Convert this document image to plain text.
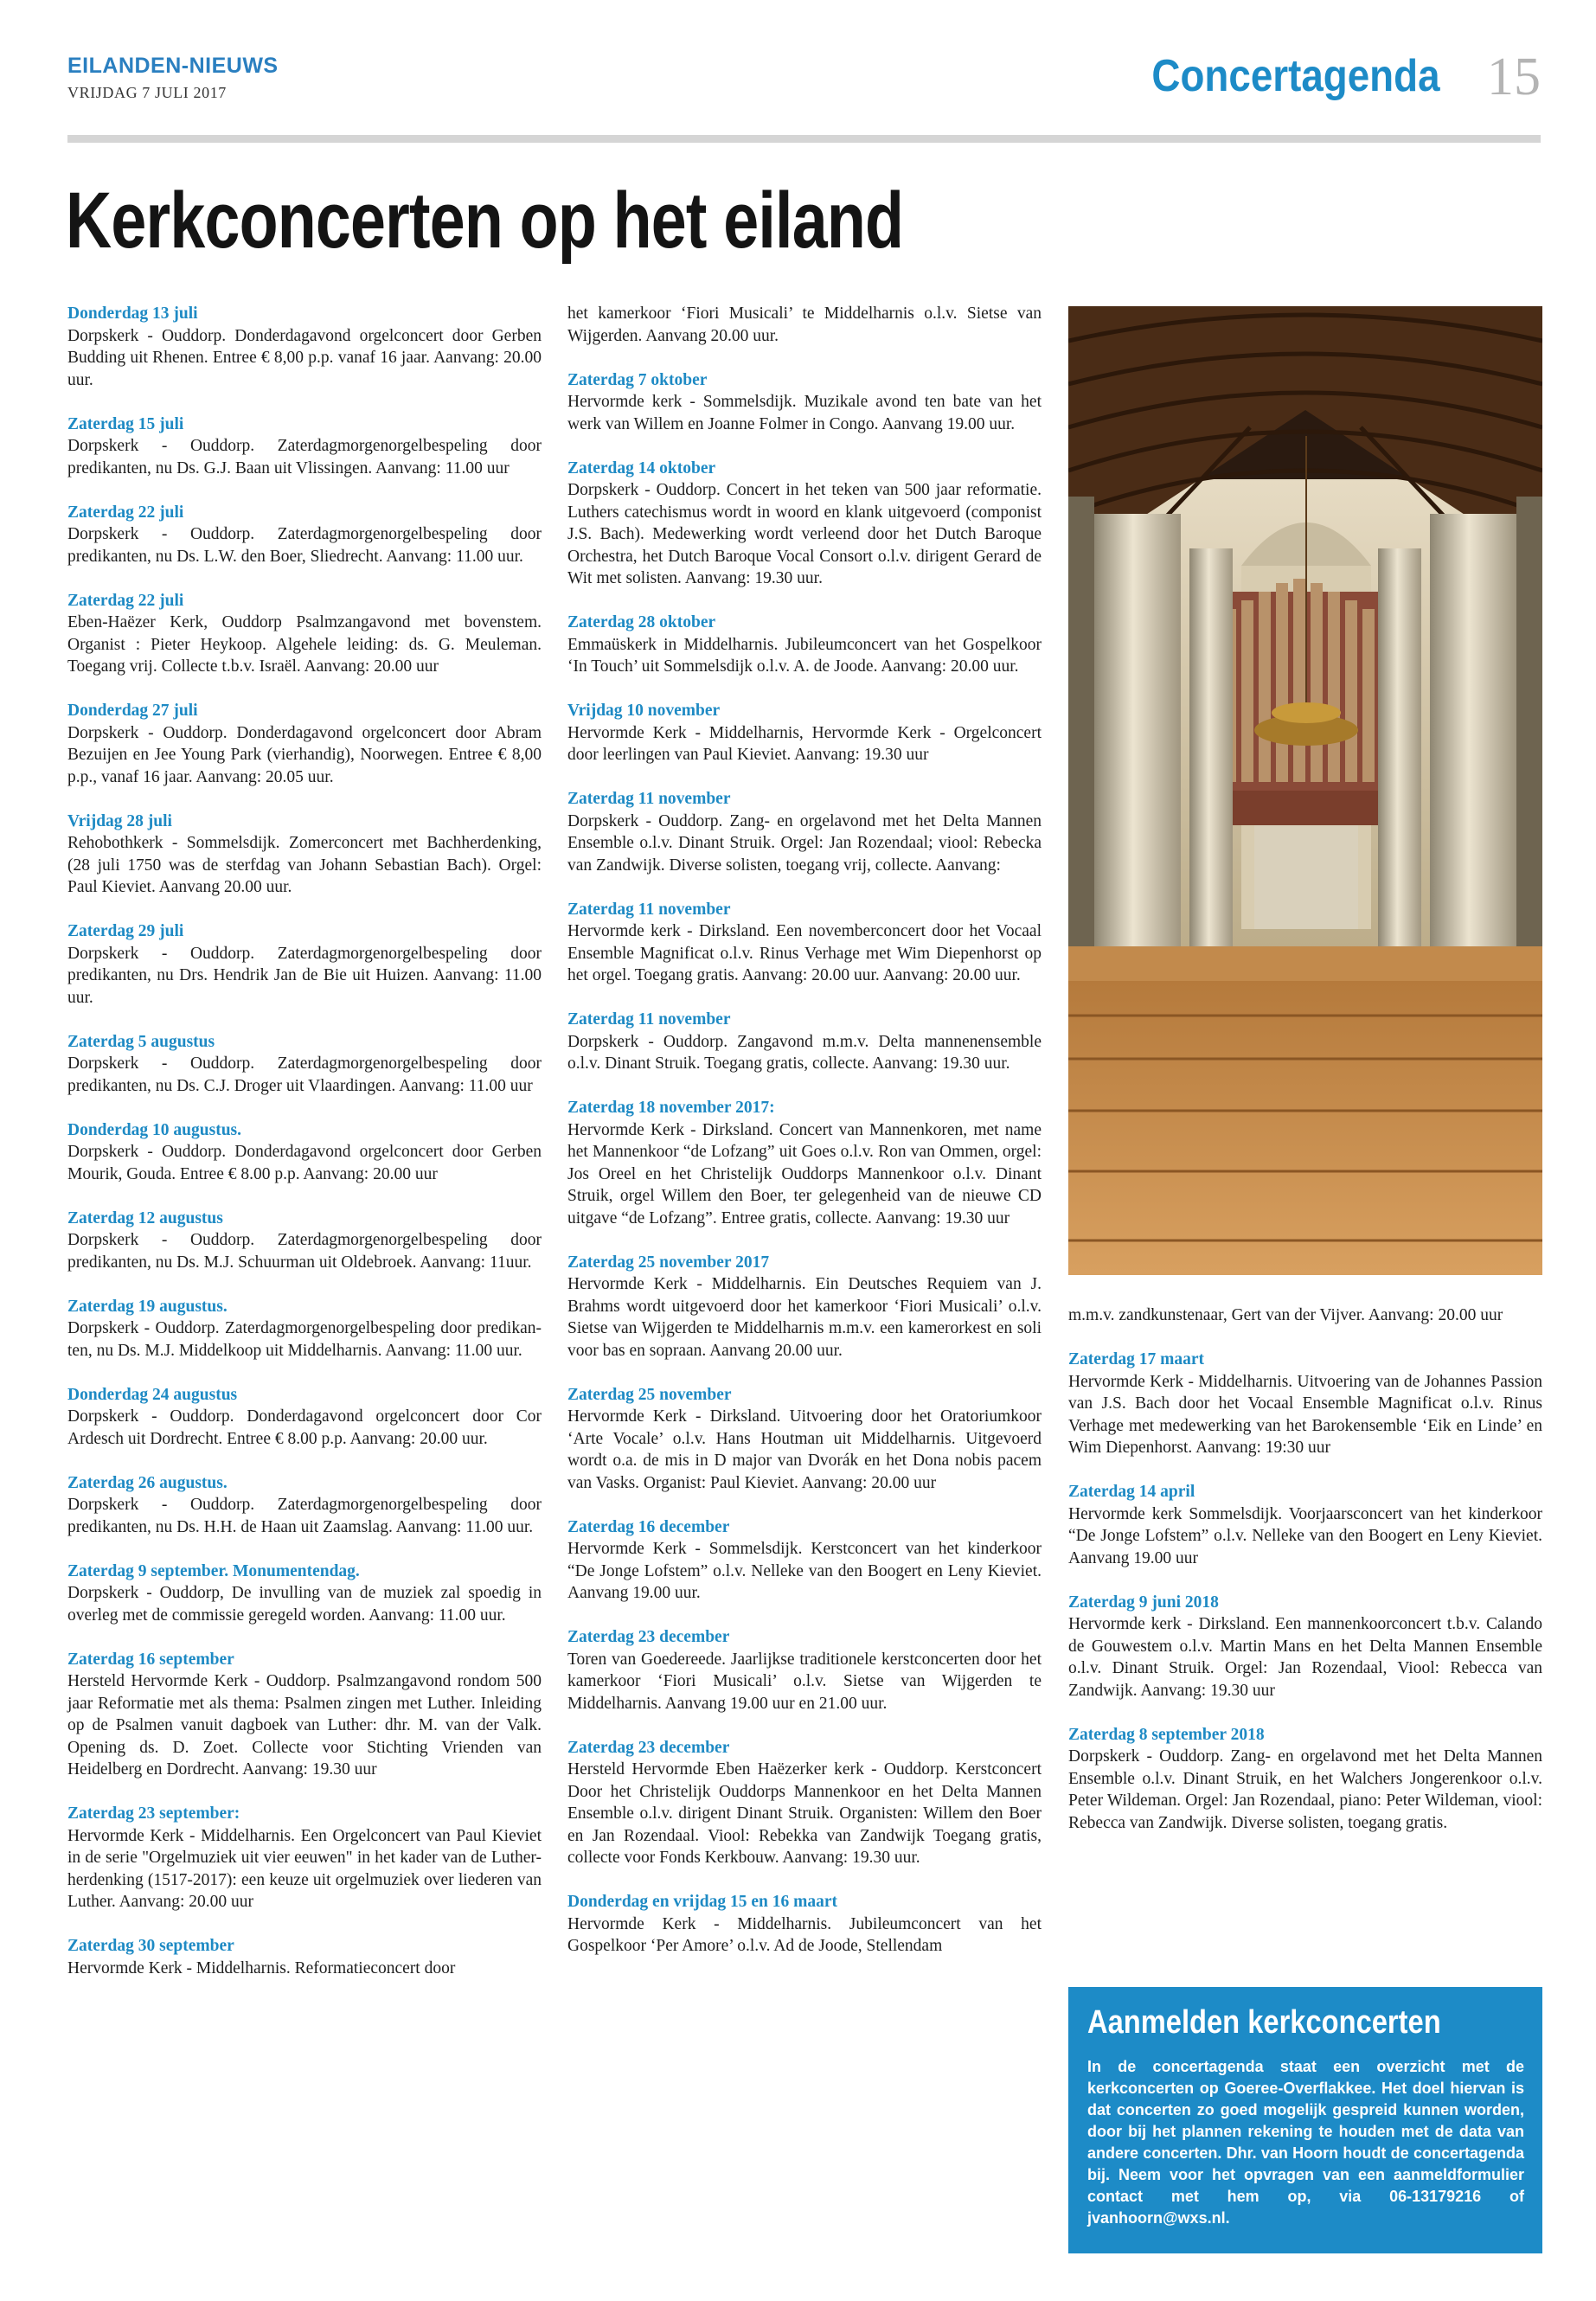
EILANDEN-NIEUWS
VRIJDAG 7 JULI 2017	Concertagenda 15
Kerkconcerten op het eiland
Donderdag 13 juli
Dorpskerk - Ouddorp. Donderdagavond orgelconcert door Gerben Budding uit Rhenen. Entree € 8,00 p.p. vanaf 16 jaar. Aanvang: 20.00 uur.
Zaterdag 15 juli
Dorpskerk - Ouddorp. Zaterdagmorgenorgelbespeling door predikanten, nu Ds. G.J. Baan uit Vlissingen. Aanvang: 11.00 uur
Zaterdag 22 juli
Dorpskerk - Ouddorp. Zaterdagmorgenorgelbespeling door predikanten, nu Ds. L.W. den Boer, Sliedrecht. Aanvang: 11.00 uur.
Zaterdag 22 juli
Eben-Haëzer Kerk, Ouddorp Psalmzangavond met bovenstem. Organist : Pieter Heykoop. Algehele leiding: ds. G. Meuleman. Toegang vrij. Collecte t.b.v. Israël. Aanvang: 20.00 uur
Donderdag 27 juli
Dorpskerk - Ouddorp. Donderdagavond orgelconcert door Abram Bezuijen en Jee Young Park (vierhandig), Noorwegen. Entree € 8,00 p.p., vanaf 16 jaar. Aanvang: 20.05 uur.
Vrijdag 28 juli
Rehobothkerk - Sommelsdijk. Zomerconcert met Bachherdenking, (28 juli 1750 was de sterfdag van Johann Sebastian Bach). Orgel: Paul Kieviet. Aanvang 20.00 uur.
Zaterdag 29 juli
Dorpskerk - Ouddorp. Zaterdagmorgenorgelbespeling door predikanten, nu Drs. Hendrik Jan de Bie uit Huizen. Aanvang: 11.00 uur.
Zaterdag 5 augustus
Dorpskerk - Ouddorp. Zaterdagmorgenorgelbespeling door predikanten, nu Ds. C.J. Droger uit Vlaardingen. Aanvang: 11.00 uur
Donderdag 10 augustus.
Dorpskerk - Ouddorp. Donderdagavond orgelconcert door Gerben Mourik, Gouda. Entree € 8.00 p.p. Aanvang: 20.00 uur
Zaterdag 12 augustus
Dorpskerk - Ouddorp. Zaterdagmorgenorgelbespeling door predikanten, nu Ds. M.J. Schuurman uit Oldebroek. Aanvang: 11uur.
Zaterdag 19 augustus.
Dorpskerk - Ouddorp. Zaterdagmorgenorgelbespeling door predikan-ten, nu Ds. M.J. Middelkoop uit Middelharnis. Aanvang: 11.00 uur.
Donderdag 24 augustus
Dorpskerk - Ouddorp. Donderdagavond orgelconcert door Cor Ardesch uit Dordrecht. Entree € 8.00 p.p. Aanvang: 20.00 uur.
Zaterdag 26 augustus.
Dorpskerk - Ouddorp. Zaterdagmorgenorgelbespeling door predikanten, nu Ds. H.H. de Haan uit Zaamslag. Aanvang: 11.00 uur.
Zaterdag 9 september. Monumentendag.
Dorpskerk - Ouddorp, De invulling van de muziek zal spoedig in overleg met de commissie geregeld worden. Aanvang: 11.00 uur.
Zaterdag 16 september
Hersteld Hervormde Kerk - Ouddorp. Psalmzangavond rondom 500 jaar Reformatie met als thema: Psalmen zingen met Luther. Inleiding op de Psalmen vanuit dagboek van Luther: dhr. M. van der Valk. Opening ds. D. Zoet. Collecte voor Stichting Vrienden van Heidelberg en Dordrecht. Aanvang: 19.30 uur
Zaterdag 23 september:
Hervormde Kerk - Middelharnis. Een Orgelconcert van Paul Kieviet in de serie "Orgelmuziek uit vier eeuwen" in het kader van de Luther-herdenking (1517-2017): een keuze uit orgelmuziek over liederen van Luther. Aanvang: 20.00 uur
Zaterdag 30 september
Hervormde Kerk - Middelharnis. Reformatieconcert door
het kamerkoor ‘Fiori Musicali’ te Middelharnis o.l.v. Sietse van Wijgerden. Aanvang 20.00 uur.
Zaterdag 7 oktober
Hervormde kerk - Sommelsdijk. Muzikale avond ten bate van het werk van Willem en Joanne Folmer in Congo. Aanvang 19.00 uur.
Zaterdag 14 oktober
Dorpskerk - Ouddorp. Concert in het teken van 500 jaar reformatie. Luthers catechismus wordt in woord en klank uitgevoerd (componist J.S. Bach). Medewerking wordt verleend door het Dutch Baroque Orchestra, het Dutch Baroque Vocal Consort o.l.v. dirigent Gerard de Wit met solisten. Aanvang: 19.30 uur.
Zaterdag 28 oktober
Emmaüskerk in Middelharnis. Jubileumconcert van het Gospelkoor ‘In Touch’ uit Sommelsdijk o.l.v. A. de Joode. Aanvang: 20.00 uur.
Vrijdag 10 november
Hervormde Kerk - Middelharnis, Hervormde Kerk - Orgelconcert door leerlingen van Paul Kieviet. Aanvang: 19.30 uur
Zaterdag 11 november
Dorpskerk - Ouddorp. Zang- en orgelavond met het Delta Mannen Ensemble o.l.v. Dinant Struik. Orgel: Jan Rozendaal; viool: Rebecka van Zandwijk. Diverse solisten, toegang vrij, collecte. Aanvang:
Zaterdag 11 november
Hervormde kerk - Dirksland. Een novemberconcert door het Vocaal Ensemble Magnificat o.l.v. Rinus Verhage met Wim Diepenhorst op het orgel. Toegang gratis. Aanvang: 20.00 uur. Aanvang: 20.00 uur.
Zaterdag 11 november
Dorpskerk - Ouddorp. Zangavond m.m.v. Delta mannenensemble o.l.v. Dinant Struik. Toegang gratis, collecte. Aanvang: 19.30 uur.
Zaterdag 18 november 2017:
Hervormde Kerk - Dirksland. Concert van Mannenkoren, met name het Mannenkoor “de Lofzang” uit Goes o.l.v. Ron van Ommen, orgel: Jos Oreel en het Christelijk Ouddorps Mannenkoor o.l.v. Dinant Struik, orgel Willem den Boer, ter gelegenheid van de nieuwe CD uitgave “de Lofzang”. Entree gratis, collecte. Aanvang: 19.30 uur
Zaterdag 25 november 2017
Hervormde Kerk - Middelharnis. Ein Deutsches Requiem van J. Brahms wordt uitgevoerd door het kamerkoor ‘Fiori Musicali’ o.l.v. Sietse van Wijgerden te Middelharnis m.m.v. een kamerorkest en soli voor bas en sopraan. Aanvang 20.00 uur.
Zaterdag 25 november
Hervormde Kerk - Dirksland. Uitvoering door het Oratoriumkoor ‘Arte Vocale’ o.l.v. Hans Houtman uit Middelharnis. Uitgevoerd wordt o.a. de mis in D major van Dvorák en het Dona nobis pacem van Vasks. Organist: Paul Kieviet. Aanvang: 20.00 uur
Zaterdag 16 december
Hervormde Kerk - Sommelsdijk. Kerstconcert van het kinderkoor “De Jonge Lofstem” o.l.v. Nelleke van den Boogert en Leny Kieviet. Aanvang 19.00 uur.
Zaterdag 23 december
Toren van Goedereede. Jaarlijkse traditionele kerstconcerten door het kamerkoor ‘Fiori Musicali’ o.l.v. Sietse van Wijgerden te Middelharnis. Aanvang 19.00 uur en 21.00 uur.
Zaterdag 23 december
Hersteld Hervormde Eben Haëzerker kerk - Ouddorp. Kerstconcert Door het Christelijk Ouddorps Mannenkoor en het Delta Mannen Ensemble o.l.v. dirigent Dinant Struik. Organisten: Willem den Boer en Jan Rozendaal. Viool: Rebekka van Zandwijk Toegang gratis, collecte voor Fonds Kerkbouw. Aanvang: 19.30 uur.
Donderdag en vrijdag 15 en 16 maart
Hervormde Kerk - Middelharnis. Jubileumconcert van het Gospelkoor ‘Per Amore’ o.l.v. Ad de Joode, Stellendam
m.m.v. zandkunstenaar, Gert van der Vijver. Aanvang: 20.00 uur
Zaterdag 17 maart
Hervormde Kerk - Middelharnis. Uitvoering van de Johannes Passion van J.S. Bach door het Vocaal Ensemble Magnificat o.l.v. Rinus Verhage met medewerking van het Barokensemble ‘Eik en Linde’ en Wim Diepenhorst. Aanvang: 19:30 uur
Zaterdag 14 april
Hervormde kerk Sommelsdijk. Voorjaarsconcert van het kinderkoor “De Jonge Lofstem” o.l.v. Nelleke van den Boogert en Leny Kieviet. Aanvang 19.00 uur
Zaterdag 9 juni 2018
Hervormde kerk - Dirksland. Een mannenkoorconcert t.b.v. Calando de Gouwestem o.l.v. Martin Mans en het Delta Mannen Ensemble o.l.v. Dinant Struik. Orgel: Jan Rozendaal, Viool: Rebecca van Zandwijk. Aanvang: 19.30 uur
Zaterdag 8 september 2018
Dorpskerk - Ouddorp. Zang- en orgelavond met het Delta Mannen Ensemble o.l.v. Dinant Struik, en het Walchers Jongerenkoor o.l.v. Peter Wildeman. Orgel: Jan Rozendaal, piano: Peter Wildeman, viool: Rebecca van Zandwijk. Diverse solisten, toegang gratis.
Aanmelden kerkconcerten
In de concertagenda staat een overzicht met de kerkconcerten op Goeree-Overflakkee. Het doel hiervan is dat concerten zo goed mogelijk gespreid kunnen worden, door bij het plannen rekening te houden met de data van andere concerten. Dhr. van Hoorn houdt de concertagenda bij. Neem voor het opvragen van een aanmeldformulier contact met hem op, via 06-13179216 of jvanhoorn@wxs.nl.
